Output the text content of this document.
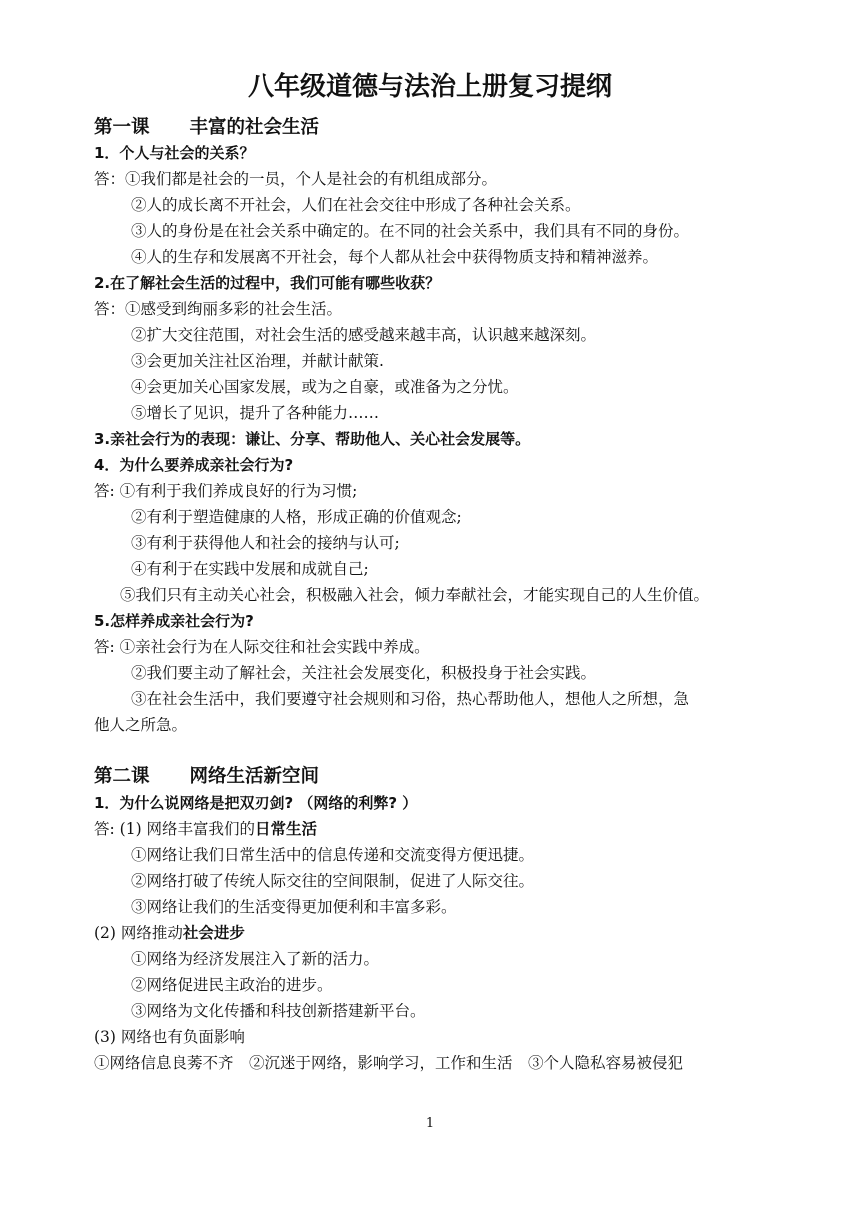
八年级道德与法治上册复习提纲
第一课 丰富的社会生活
1．个人与社会的关系？
答：①我们都是社会的一员，个人是社会的有机组成部分。
②人的成长离不开社会，人们在社会交往中形成了各种社会关系。
③人的身份是在社会关系中确定的。在不同的社会关系中，我们具有不同的身份。
④人的生存和发展离不开社会，每个人都从社会中获得物质支持和精神滋养。
2.在了解社会生活的过程中，我们可能有哪些收获？
答：①感受到绚丽多彩的社会生活。
②扩大交往范围，对社会生活的感受越来越丰高，认识越来越深刻。
③会更加关注社区治理，并献计献策.
④会更加关心国家发展，或为之自豪，或准备为之分忧。
⑤增长了见识，提升了各种能力……
3.亲社会行为的表现：谦让、分享、帮助他人、关心社会发展等。
4．为什么要养成亲社会行为?
答: ①有利于我们养成良好的行为习惯;
②有利于塑造健康的人格，形成正确的价值观念;
③有利于获得他人和社会的接纳与认可;
④有利于在实践中发展和成就自己;
⑤我们只有主动关心社会，积极融入社会，倾力奉献社会，才能实现自己的人生价值。
5.怎样养成亲社会行为?
答: ①亲社会行为在人际交往和社会实践中养成。
②我们要主动了解社会，关注社会发展变化，积极投身于社会实践。
③在社会生活中，我们要遵守社会规则和习俗，热心帮助他人，想他人之所想，急
他人之所急。
第二课 网络生活新空间
1．为什么说网络是把双刃剑? （网络的利弊? ）
答: (1) 网络丰富我们的日常生活
①网络让我们日常生活中的信息传递和交流变得方便迅捷。
②网络打破了传统人际交往的空间限制，促进了人际交往。
③网络让我们的生活变得更加便利和丰富多彩。
(2) 网络推动社会进步
①网络为经济发展注入了新的活力。
②网络促进民主政治的进步。
③网络为文化传播和科技创新搭建新平台。
(3) 网络也有负面影响
①网络信息良莠不齐　②沉迷于网络，影响学习，工作和生活　③个人隐私容易被侵犯
1
